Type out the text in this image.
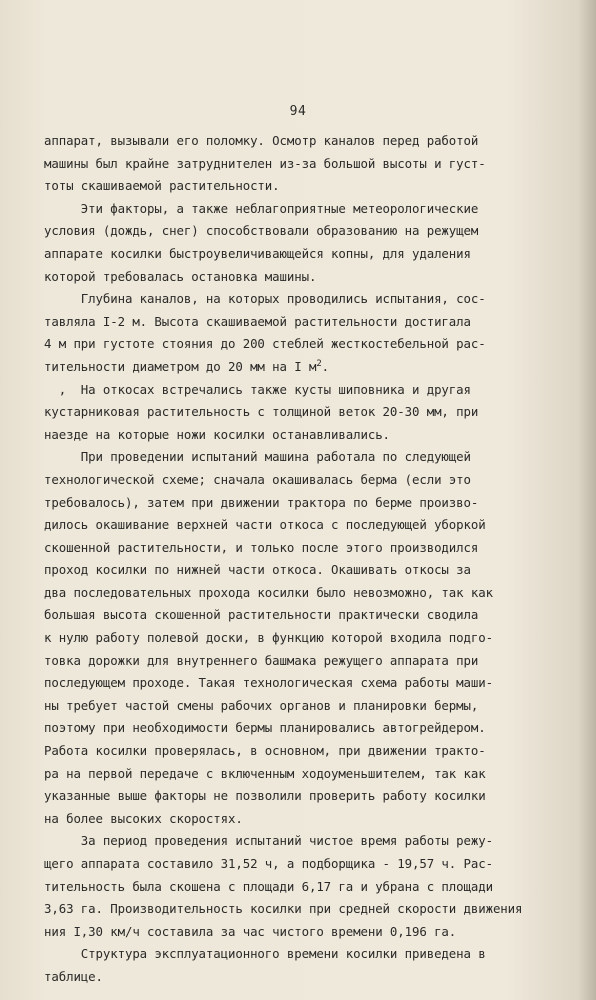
94
аппарат, вызывали его поломку. Осмотр каналов перед работой
машины был крайне затруднителен из-за большой высоты и густ-
тоты скашиваемой растительности.
Эти факторы, а также неблагоприятные метеорологические
условия (дождь, снег) способствовали образованию на режущем
аппарате косилки быстроувеличивающейся копны, для удаления
которой требовалась остановка машины.
Глубина каналов, на которых проводились испытания, сос-
тавляла I-2 м. Высота скашиваемой растительности достигала
4 м при густоте стояния до 200 стеблей жесткостебельной рас-
тительности диаметром до 20 мм на I $м^2$.
,  На откосах встречались также кусты шиповника и другая
кустарниковая растительность с толщиной веток 20-30 мм, при
наезде на которые ножи косилки останавливались.
При проведении испытаний машина работала по следующей
технологической схеме; сначала окашивалась берма (если это
требовалось), затем при движении трактора по берме произво-
дилось окашивание верхней части откоса с последующей уборкой
скошенной растительности, и только после этого производился
проход косилки по нижней части откоса. Окашивать откосы за
два последовательных прохода косилки было невозможно, так как
большая высота скошенной растительности практически сводила
к нулю работу полевой доски, в функцию которой входила подго-
товка дорожки для внутреннего башмака режущего аппарата при
последующем проходе. Такая технологическая схема работы маши-
ны требует частой смены рабочих органов и планировки бермы,
поэтому при необходимости бермы планировались автогрейдером.
Работа косилки проверялась, в основном, при движении тракто-
ра на первой передаче с включенным ходоуменьшителем, так как
указанные выше факторы не позволили проверить работу косилки
на более высоких скоростях.
За период проведения испытаний чистое время работы режу-
щего аппарата составило 31,52 ч, а подборщика - 19,57 ч. Рас-
тительность была скошена с площади 6,17 га и убрана с площади
3,63 га. Производительность косилки при средней скорости движения
ния I,30 км/ч составила за час чистого времени 0,196 га.
Структура эксплуатационного времени косилки приведена в
таблице.
